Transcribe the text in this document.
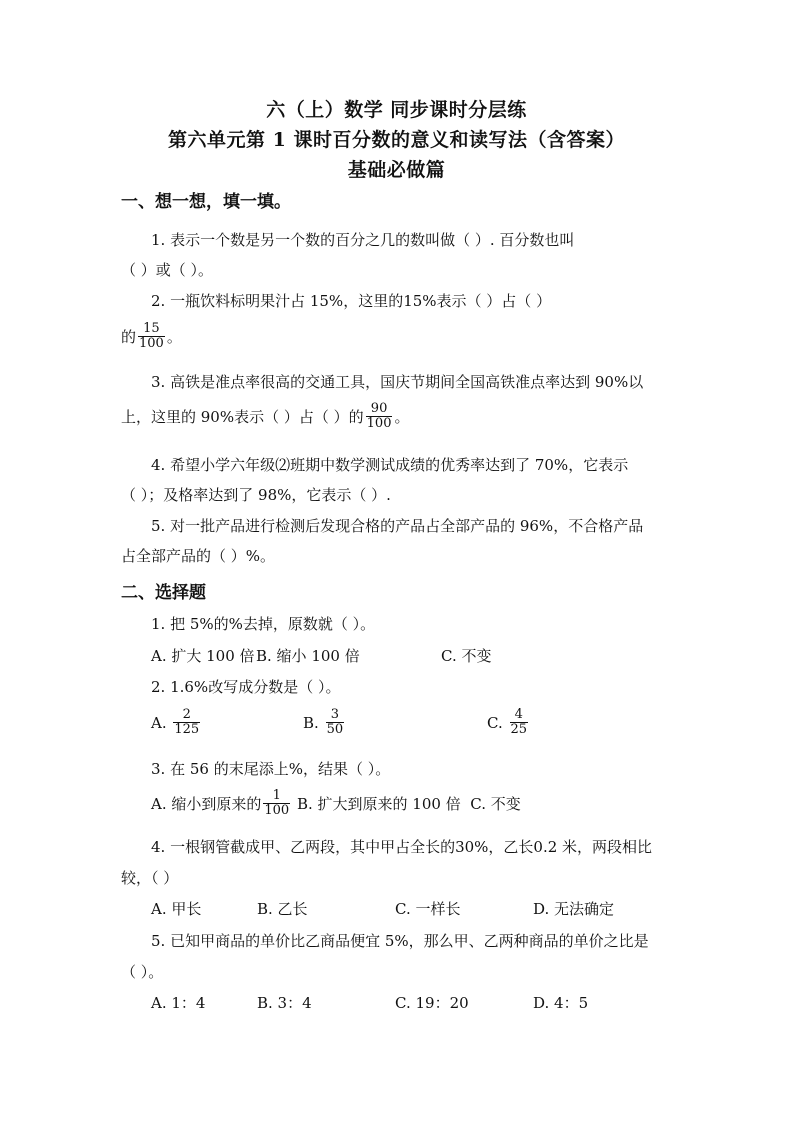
六（上）数学 同步课时分层练
第六单元第 1 课时百分数的意义和读写法（含答案）
基础必做篇
一、想一想，填一填。
1. 表示一个数是另一个数的百分之几的数叫做（ ）. 百分数也叫
（ ）或（ ）。
2. 一瓶饮料标明果汁占 15%，这里的15%表示（ ）占（ ）
的 $\frac{15}{100}$ 。
3. 高铁是准点率很高的交通工具，国庆节期间全国高铁准点率达到 90%以
上，这里的 90%表示（ ）占（ ）的 $\frac{90}{100}$ 。
4. 希望小学六年级⑵班期中数学测试成绩的优秀率达到了 70%，它表示
（ ）；及格率达到了 98%，它表示（ ）.
5. 对一批产品进行检测后发现合格的产品占全部产品的 96%，不合格产品
占全部产品的（ ）%。
二、选择题
1. 把 5%的%去掉，原数就（ ）。
A. 扩大 100 倍B. 缩小 100 倍	C. 不变
2. 1.6%改写成分数是（ ）。
A. $\frac{2}{125}$	B. $\frac{3}{50}$	C. $\frac{4}{25}$
3. 在 56 的末尾添上%，结果（ ）。
A. 缩小到原来的 $\frac{1}{100} B$. 扩大到原来的 100 倍 C. 不变
4. 一根钢管截成甲、乙两段，其中甲占全长的30%，乙长0.2 米，两段相比
较，（ ）
A. 甲长	B. 乙长	C. 一样长	D. 无法确定
5. 已知甲商品的单价比乙商品便宜 5%，那么甲、乙两种商品的单价之比是
（ ）。
A. 1：4	B. 3：4	C. 19：20	D. 4：5
